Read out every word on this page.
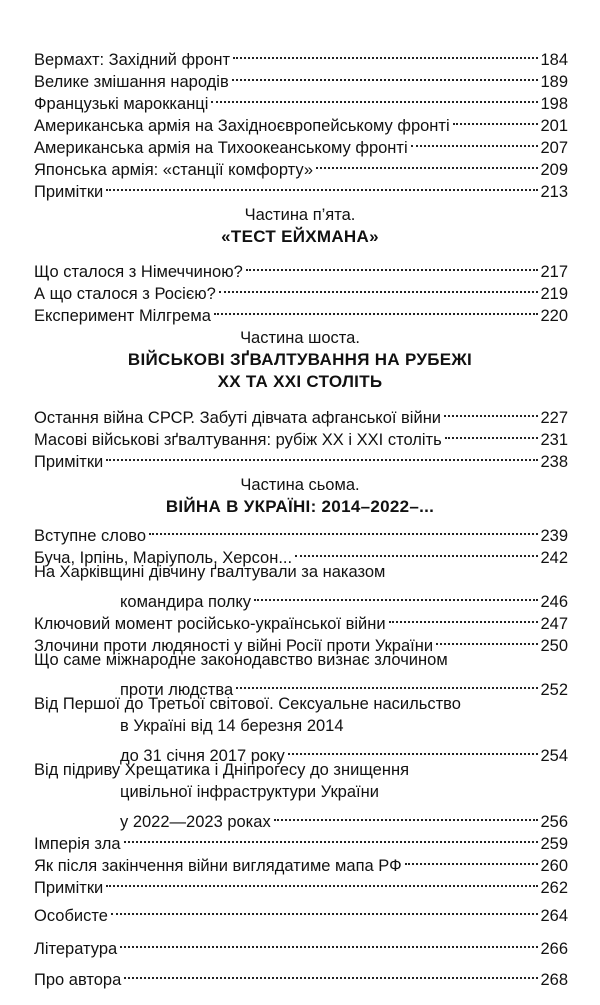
Вермахт: Західний фронт	184
Велике змішання народів	189
Французькі марокканці	198
Американська армія на Західноєвропейському фронті	201
Американська армія на Тихоокеанському фронті	207
Японська армія: «станції комфорту»	209
Примітки	213
Частина п’ята.
«ТЕСТ ЕЙХМАНА»
Що сталося з Німеччиною?	217
А що сталося з Росією?	219
Експеримент Мілгрема	220
Частина шоста.
ВІЙСЬКОВІ ЗҐВАЛТУВАННЯ НА РУБЕЖІ
XX ТА XXI СТОЛІТЬ
Остання війна СРСР. Забуті дівчата афганської війни	227
Масові військові зґвалтування: рубіж XX і XXI століть	231
Примітки	238
Частина сьома.
ВІЙНА В УКРАЇНІ: 2014–2022–...
Вступне слово	239
Буча, Ірпінь, Маріуполь, Херсон...	242
На Харківщині дівчину ґвалтували за наказом
командира полку	246
Ключовий момент російсько-української війни	247
Злочини проти людяності у війні Росії проти України	250
Що саме міжнародне законодавство визнає злочином
проти людства	252
Від Першої до Третьої світової. Сексуальне насильство
в Україні від 14 березня 2014
до 31 січня 2017 року	254
Від підриву Хрещатика і Дніпрогесу до знищення
цивільної інфраструктури України
у 2022—2023 роках	256
Імперія зла	259
Як після закінчення війни виглядатиме мапа РФ	260
Примітки	262
Особисте	264
Література	266
Про автора	268
